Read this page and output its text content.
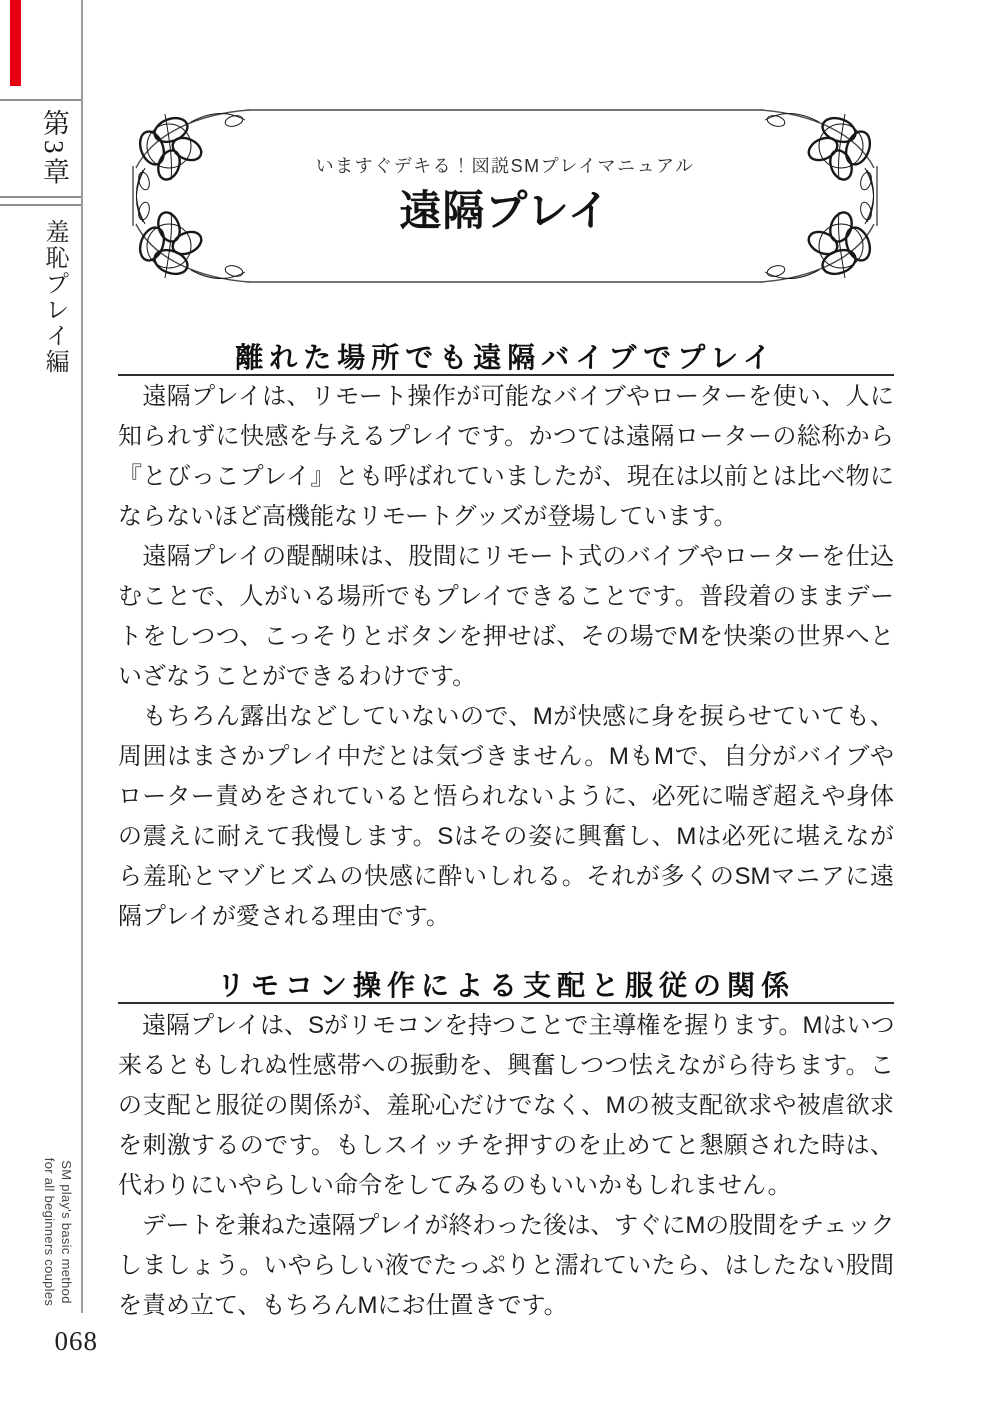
第3章
羞恥プレイ編
SM play's basic method
for all beginners couples
068
いますぐデキる！図説SMプレイマニュアル
遠隔プレイ
離れた場所でも遠隔バイブでプレイ
　遠隔プレイは、リモート操作が可能なバイブやローターを使い、人に
知られずに快感を与えるプレイです。かつては遠隔ローターの総称から
『とびっこプレイ』とも呼ばれていましたが、現在は以前とは比べ物に
ならないほど高機能なリモートグッズが登場しています。
　遠隔プレイの醍醐味は、股間にリモート式のバイブやローターを仕込
むことで、人がいる場所でもプレイできることです。普段着のままデー
トをしつつ、こっそりとボタンを押せば、その場でMを快楽の世界へと
いざなうことができるわけです。
　もちろん露出などしていないので、Mが快感に身を捩らせていても、
周囲はまさかプレイ中だとは気づきません。MもMで、自分がバイブや
ローター責めをされていると悟られないように、必死に喘ぎ超えや身体
の震えに耐えて我慢します。Sはその姿に興奮し、Mは必死に堪えなが
ら羞恥とマゾヒズムの快感に酔いしれる。それが多くのSMマニアに遠
隔プレイが愛される理由です。
リモコン操作による支配と服従の関係
　遠隔プレイは、Sがリモコンを持つことで主導権を握ります。Mはいつ
来るともしれぬ性感帯への振動を、興奮しつつ怯えながら待ちます。こ
の支配と服従の関係が、羞恥心だけでなく、Mの被支配欲求や被虐欲求
を刺激するのです。もしスイッチを押すのを止めてと懇願された時は、
代わりにいやらしい命令をしてみるのもいいかもしれません。
　デートを兼ねた遠隔プレイが終わった後は、すぐにMの股間をチェック
しましょう。いやらしい液でたっぷりと濡れていたら、はしたない股間
を責め立て、もちろんMにお仕置きです。
